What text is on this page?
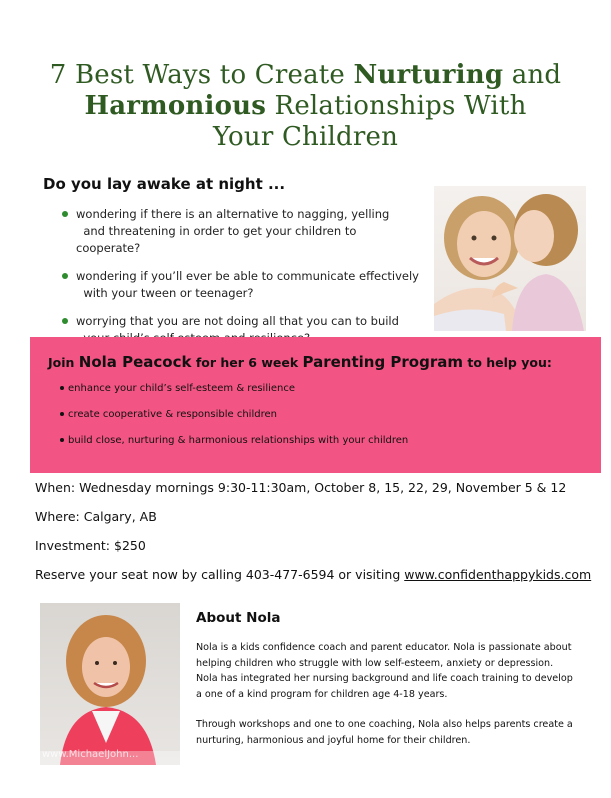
7 Best Ways to Create Nurturing and
Harmonious Relationships With
Your Children
Do you lay awake at night ...
wondering if there is an alternative to nagging, yelling
and threatening in order to get your children to cooperate?
wondering if you’ll ever be able to communicate effectively
with your tween or teenager?
worrying that you are not doing all that you can to build

Join Nola Peacock for her 6 week Parenting Program to help you:
enhance your child’s self-esteem & resilience
create cooperative & responsible children
build close, nurturing & harmonious relationships with your children
When: Wednesday mornings 9:30-11:30am, October 8, 15, 22, 29, November 5 & 12
Where: Calgary, AB
Investment: $250
Reserve your seat now by calling 403-477-6594 or visiting www.confidenthappykids.com
www.MichaelJohn...
About Nola

Nola is a kids confidence coach and parent educator. Nola is passionate about helping children who struggle with low self-esteem, anxiety or depression. Nola has integrated her nursing background and life coach training to develop a one of a kind program for children age 4-18 years.

Through workshops and one to one coaching, Nola also helps parents create a nurturing, harmonious and joyful home for their children.
